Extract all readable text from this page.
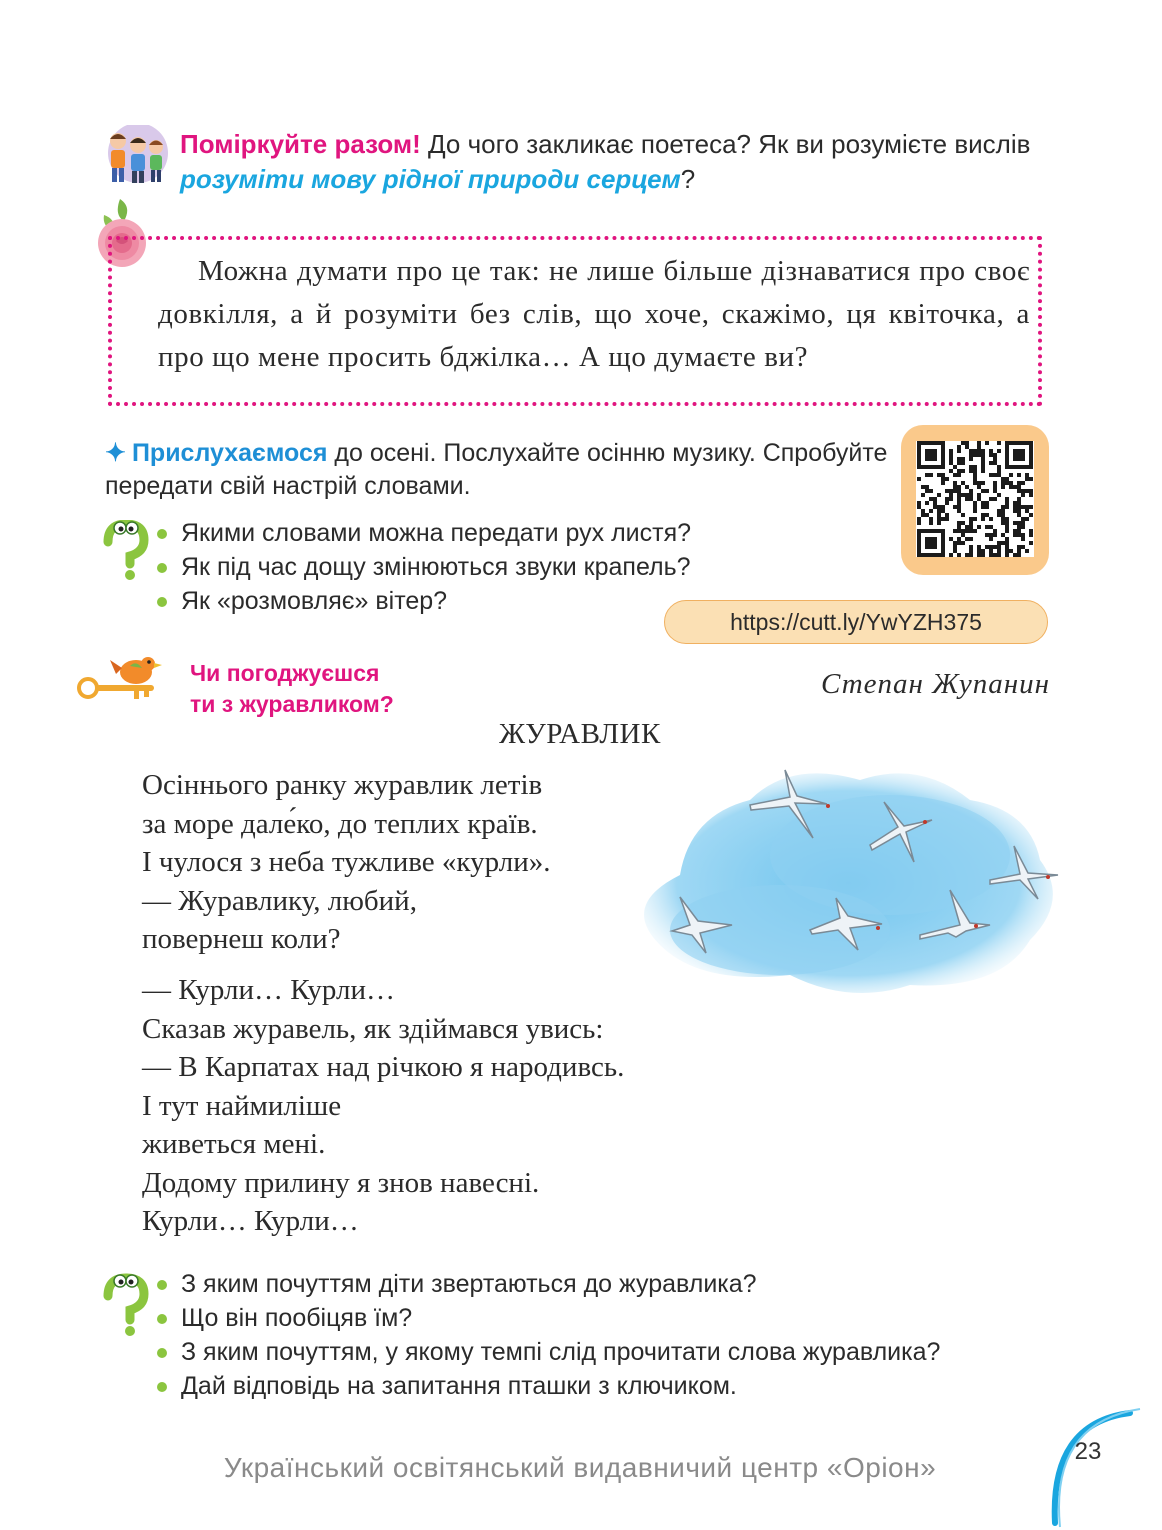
Поміркуйте разом! До чого закликає поетеса? Як ви розумієте вислів розуміти мову рідної природи серцем?
Можна думати про це так: не лише більше дізнаватися про своє довкілля, а й розуміти без слів, що хоче, скажімо, ця квіточка, а про що мене просить бджілка… А що думаєте ви?
✦ Прислухаємося до осені. Послухайте осінню музику. Спробуйте передати свій настрій словами.
Якими словами можна передати рух листя?
Як під час дощу змінюються звуки крапель?
Як «розмовляє» вітер?
https://cutt.ly/YwYZH375
Чи погоджуєшся
ти з журавликом?
Степан Жупанин
ЖУРАВЛИК
Осіннього ранку журавлик летів
за море дале́ко, до теплих країв.
І чулося з неба тужливе «курли».
— Журавлику, любий,
повернеш коли?
— Курли… Курли…
Сказав журавель, як здіймався увись:
— В Карпатах над річкою я народивсь.
І тут наймиліше
живеться мені.
Додому прилину я знов навесні.
Курли… Курли…
З яким почуттям діти звертаються до журавлика?
Що він пообіцяв їм?
З яким почуттям, у якому темпі слід прочитати слова журавлика?
Дай відповідь на запитання пташки з ключиком.
23
Український освітянський видавничий центр «Оріон»
